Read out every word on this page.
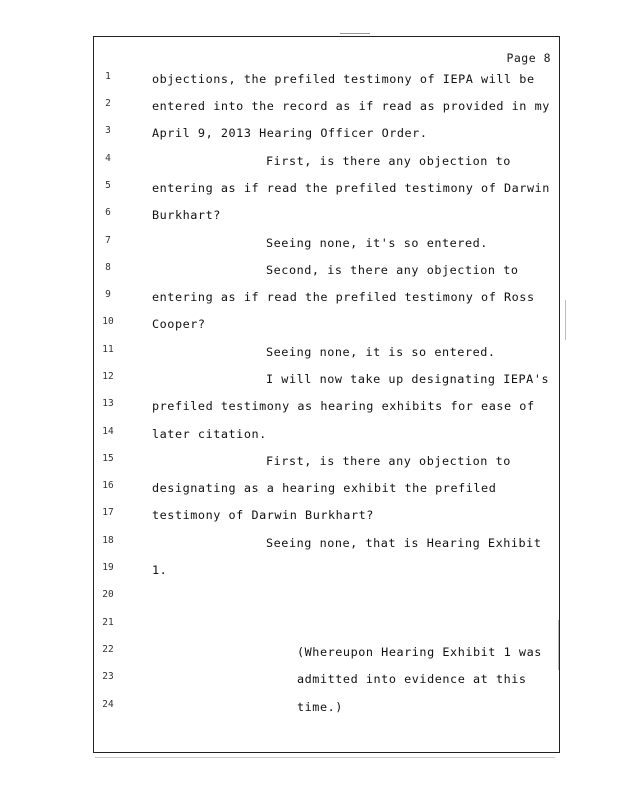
Page 8
1
2
3
4
5
6
7
8
9
10
11
12
13
14
15
16
17
18
19
20
21
22
23
24
objections, the prefiled testimony of IEPA will be
entered into the record as if read as provided in my
April 9, 2013 Hearing Officer Order.
First, is there any objection to
entering as if read the prefiled testimony of Darwin
Burkhart?
Seeing none, it's so entered.
Second, is there any objection to
entering as if read the prefiled testimony of Ross
Cooper?
Seeing none, it is so entered.
I will now take up designating IEPA's
prefiled testimony as hearing exhibits for ease of
later citation.
First, is there any objection to
designating as a hearing exhibit the prefiled
testimony of Darwin Burkhart?
Seeing none, that is Hearing Exhibit
1.
(Whereupon Hearing Exhibit 1 was
admitted into evidence at this
time.)
